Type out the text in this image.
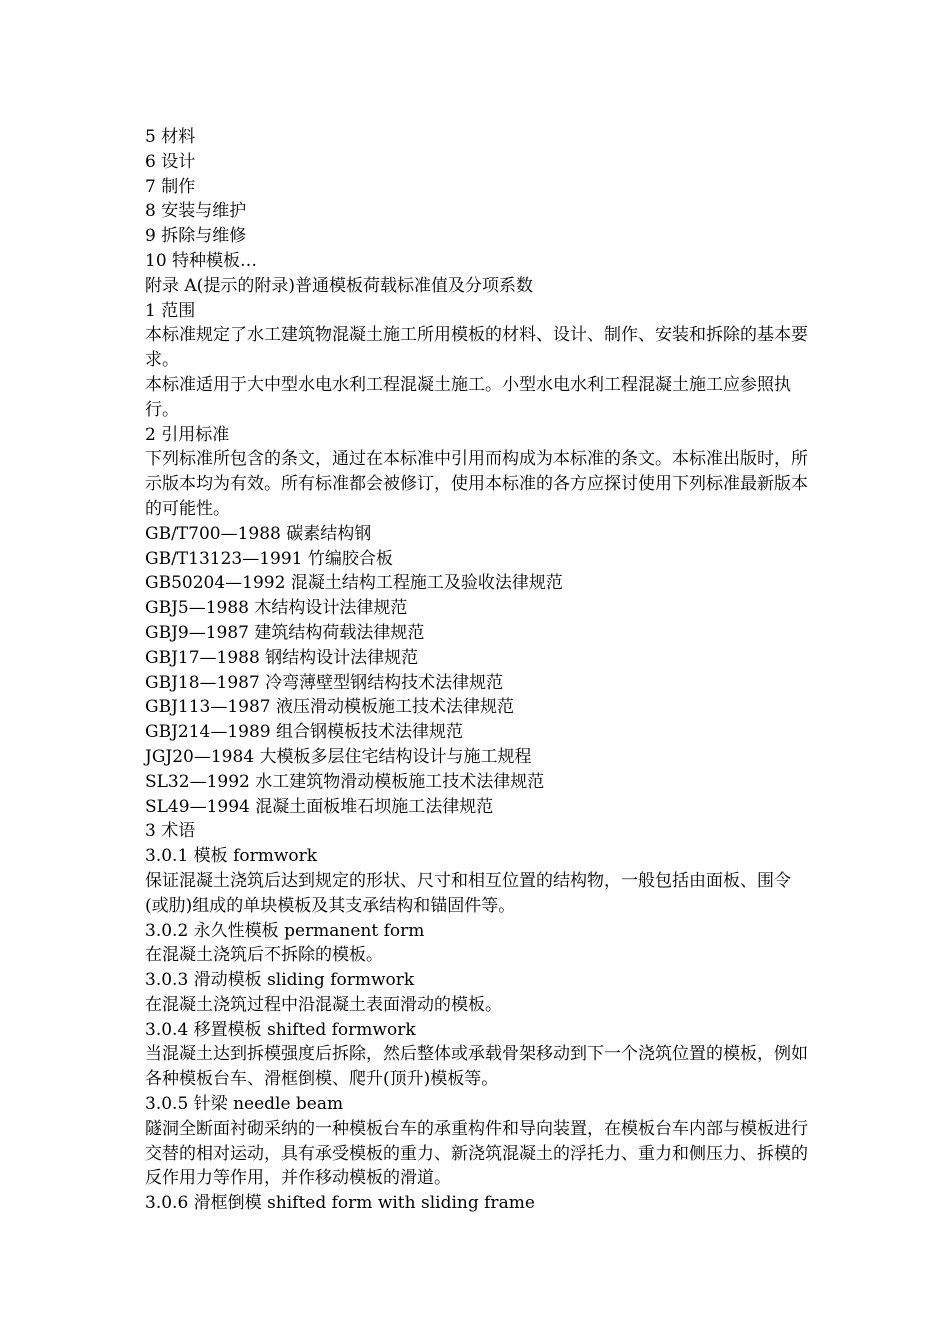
5 材料

6 设计

7 制作

8 安装与维护

9 拆除与维修

10 特种模板…

附录 A(提示的附录)普通模板荷载标准值及分项系数

1 范围

本标准规定了水工建筑物混凝土施工所用模板的材料、设计、制作、安装和拆除的基本要求。

本标准适用于大中型水电水利工程混凝土施工。小型水电水利工程混凝土施工应参照执行。

2 引用标准

下列标准所包含的条文，通过在本标准中引用而构成为本标准的条文。本标准出版时，所示版本均为有效。所有标准都会被修订，使用本标准的各方应探讨使用下列标准最新版本的可能性。

GB/T700—1988 碳素结构钢

GB/T13123—1991 竹编胶合板

GB50204—1992 混凝土结构工程施工及验收法律规范

GBJ5—1988 木结构设计法律规范

GBJ9—1987 建筑结构荷载法律规范

GBJ17—1988 钢结构设计法律规范

GBJ18—1987 冷弯薄壁型钢结构技术法律规范

GBJ113—1987 液压滑动模板施工技术法律规范

GBJ214—1989 组合钢模板技术法律规范

JGJ20—1984 大模板多层住宅结构设计与施工规程

SL32—1992 水工建筑物滑动模板施工技术法律规范

SL49—1994 混凝土面板堆石坝施工法律规范

3 术语

3.0.1 模板 formwork

保证混凝土浇筑后达到规定的形状、尺寸和相互位置的结构物，一般包括由面板、围令(或肋)组成的单块模板及其支承结构和锚固件等。

3.0.2 永久性模板 permanent form

在混凝土浇筑后不拆除的模板。

3.0.3 滑动模板 sliding formwork

在混凝土浇筑过程中沿混凝土表面滑动的模板。

3.0.4 移置模板 shifted formwork

当混凝土达到拆模强度后拆除，然后整体或承载骨架移动到下一个浇筑位置的模板，例如各种模板台车、滑框倒模、爬升(顶升)模板等。

3.0.5 针梁 needle beam

隧洞全断面衬砌采纳的一种模板台车的承重构件和导向装置，在模板台车内部与模板进行交替的相对运动，具有承受模板的重力、新浇筑混凝土的浮托力、重力和侧压力、拆模的反作用力等作用，并作移动模板的滑道。

3.0.6 滑框倒模 shifted form with sliding frame
